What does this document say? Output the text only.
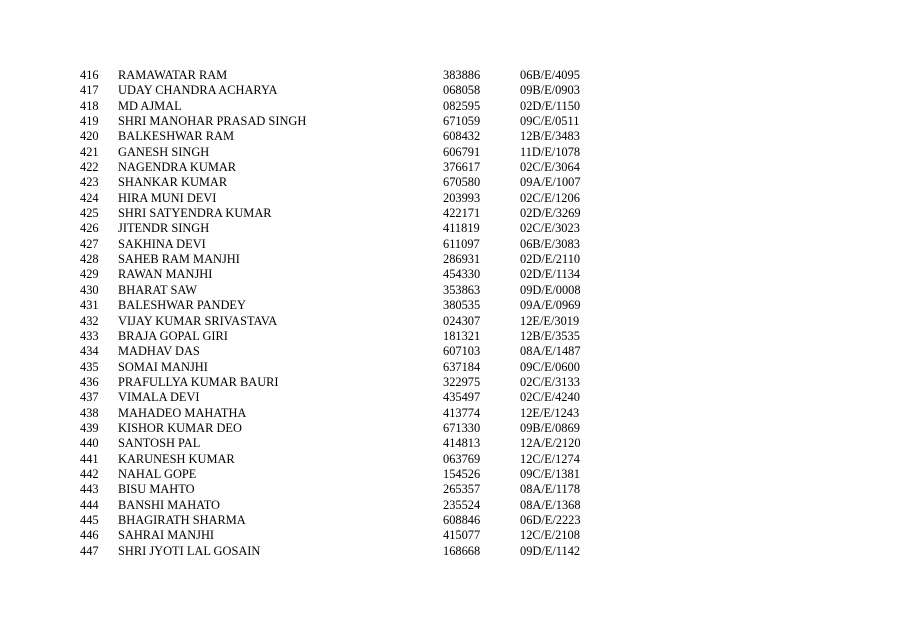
416 RAMAWATAR RAM	383886	06B/E/4095
417 UDAY CHANDRA ACHARYA	068058	09B/E/0903
418 MD AJMAL	082595	02D/E/1150
419 SHRI MANOHAR PRASAD SINGH	671059	09C/E/0511
420 BALKESHWAR RAM	608432	12B/E/3483
421 GANESH SINGH	606791	11D/E/1078
422 NAGENDRA KUMAR	376617	02C/E/3064
423 SHANKAR KUMAR	670580	09A/E/1007
424 HIRA MUNI DEVI	203993	02C/E/1206
425 SHRI SATYENDRA KUMAR	422171	02D/E/3269
426 JITENDR SINGH	411819	02C/E/3023
427 SAKHINA DEVI	611097	06B/E/3083
428 SAHEB RAM MANJHI	286931	02D/E/2110
429 RAWAN MANJHI	454330	02D/E/1134
430 BHARAT SAW	353863	09D/E/0008
431 BALESHWAR PANDEY	380535	09A/E/0969
432 VIJAY KUMAR SRIVASTAVA	024307	12E/E/3019
433 BRAJA GOPAL GIRI	181321	12B/E/3535
434 MADHAV DAS	607103	08A/E/1487
435 SOMAI MANJHI	637184	09C/E/0600
436 PRAFULLYA KUMAR BAURI	322975	02C/E/3133
437 VIMALA DEVI	435497	02C/E/4240
438 MAHADEO MAHATHA	413774	12E/E/1243
439 KISHOR KUMAR DEO	671330	09B/E/0869
440 SANTOSH PAL	414813	12A/E/2120
441 KARUNESH KUMAR	063769	12C/E/1274
442 NAHAL GOPE	154526	09C/E/1381
443 BISU MAHTO	265357	08A/E/1178
444 BANSHI MAHATO	235524	08A/E/1368
445 BHAGIRATH SHARMA	608846	06D/E/2223
446 SAHRAI MANJHI	415077	12C/E/2108
447 SHRI JYOTI LAL GOSAIN	168668	09D/E/1142
